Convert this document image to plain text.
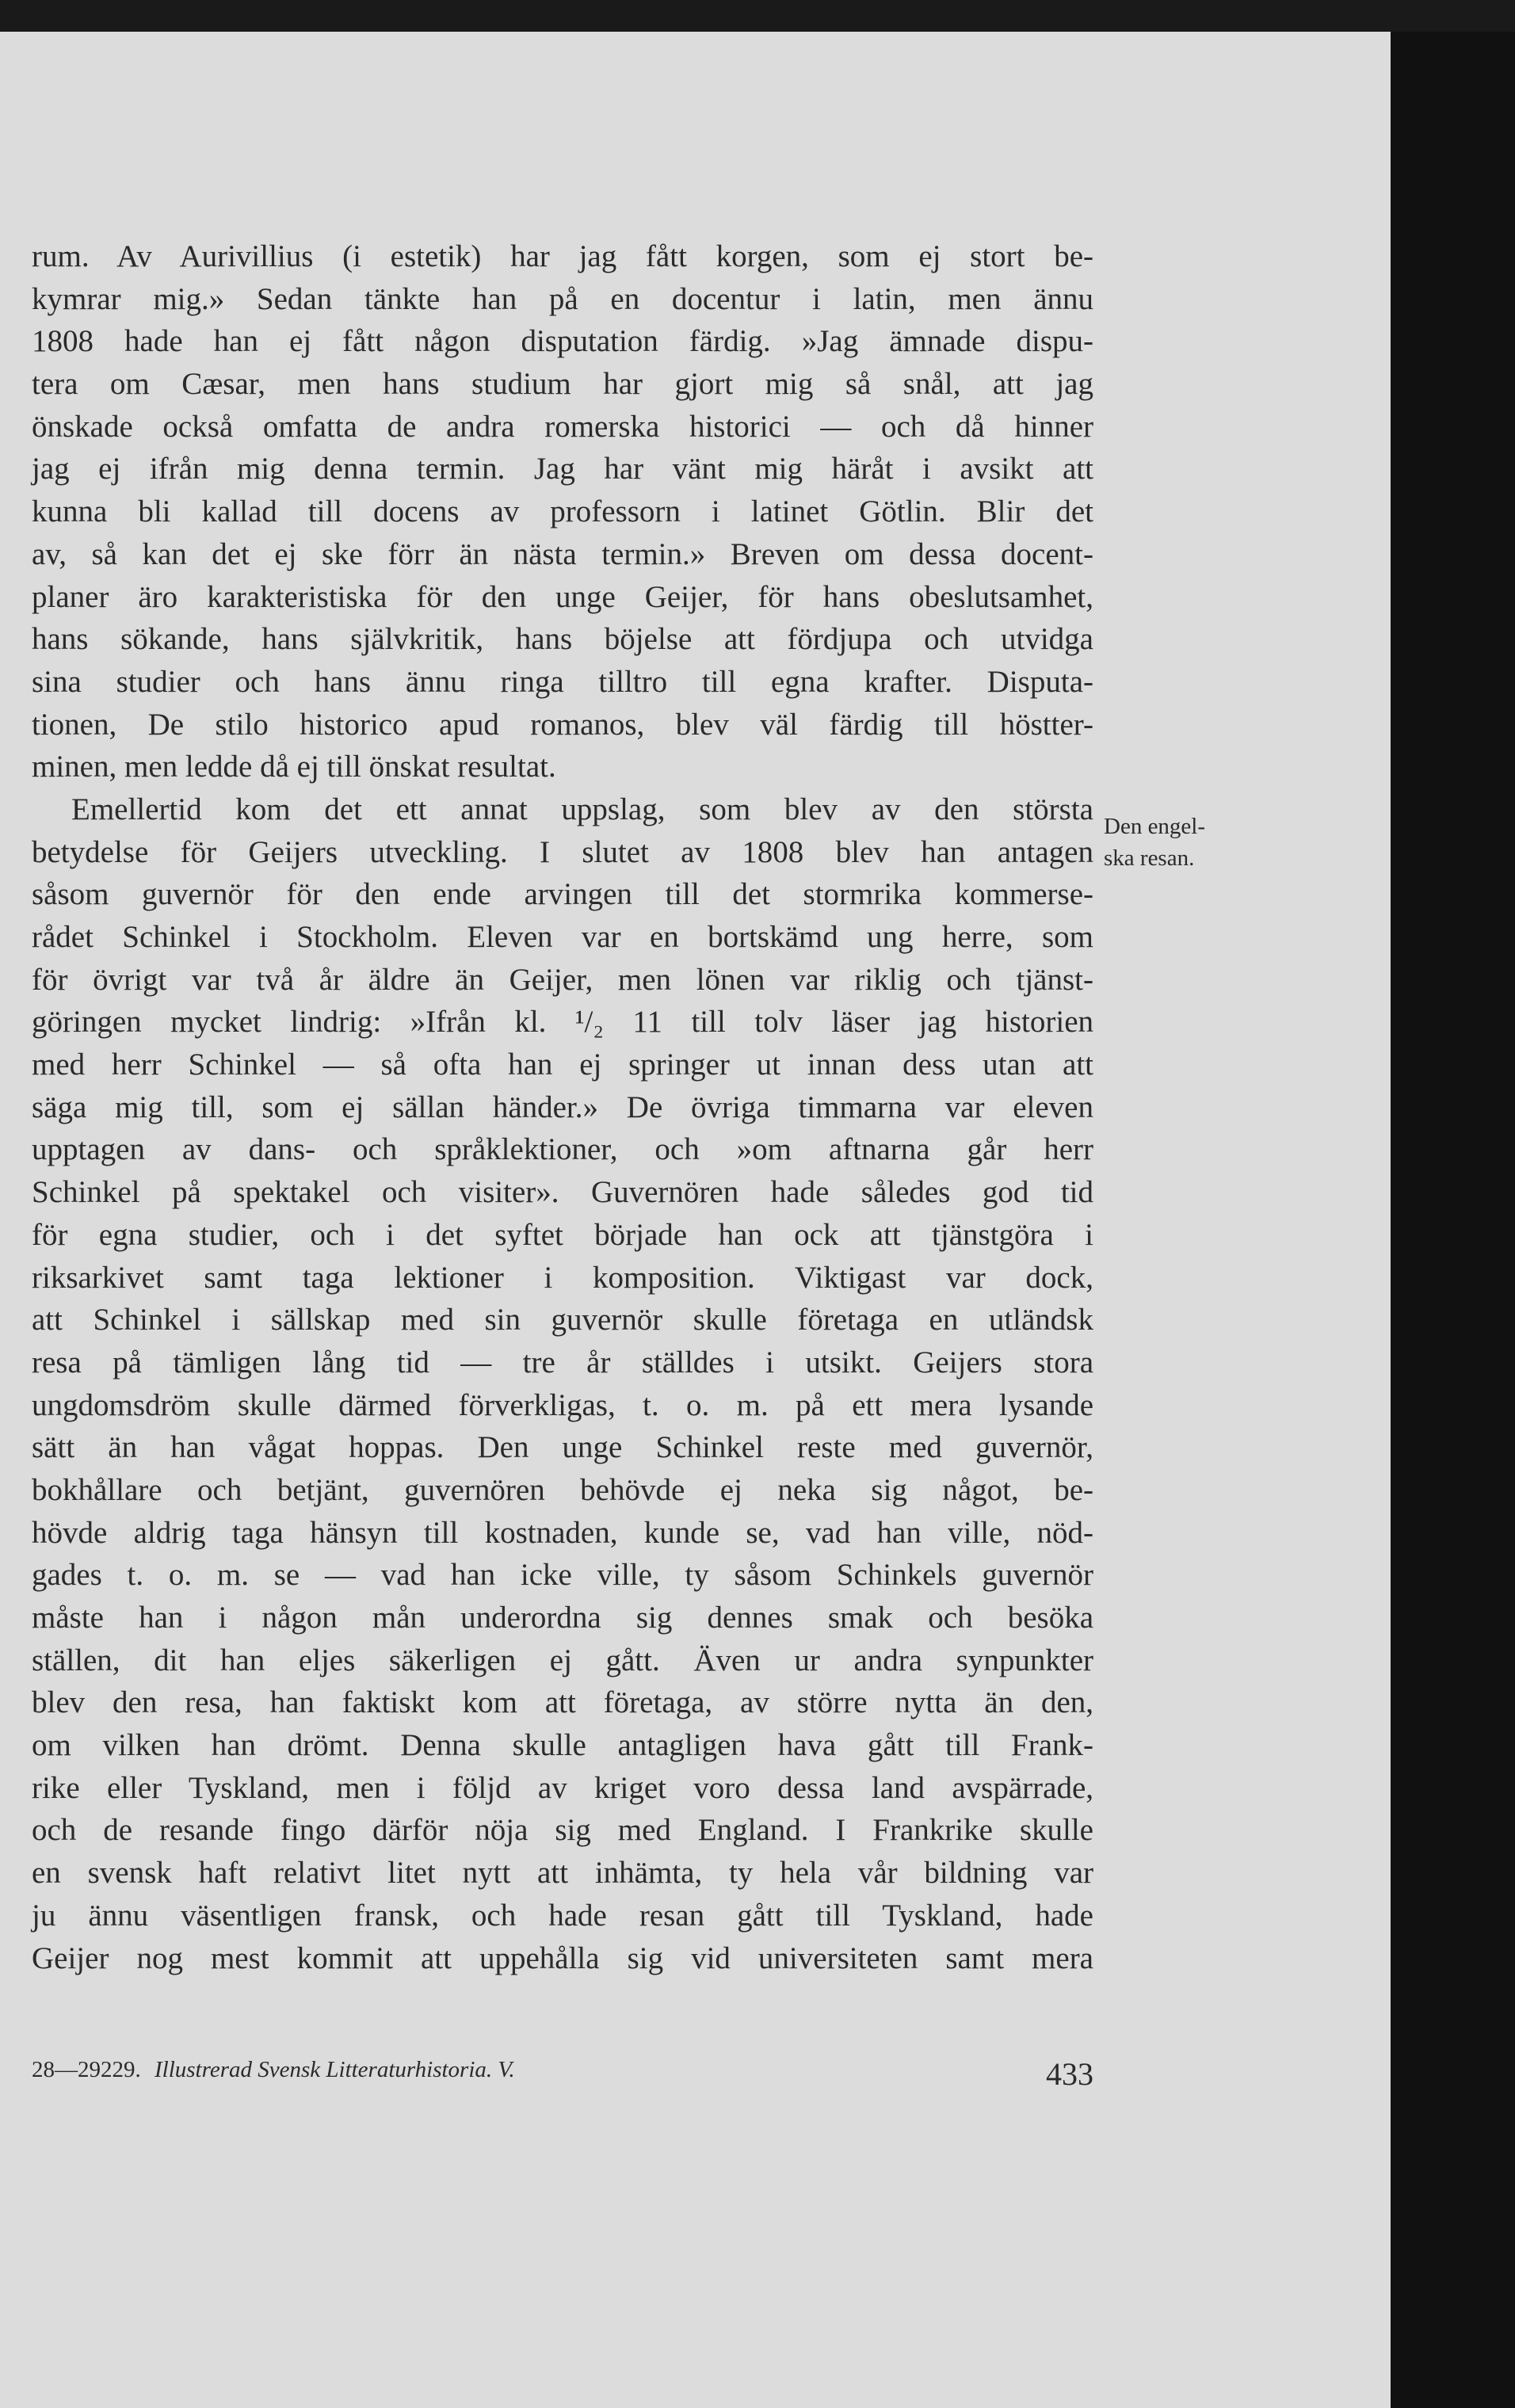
rum. Av Aurivillius (i estetik) har jag fått korgen, som ej stort be-
kymrar mig.» Sedan tänkte han på en docentur i latin, men ännu
1808 hade han ej fått någon disputation färdig. »Jag ämnade dispu-
tera om Cæsar, men hans studium har gjort mig så snål, att jag
önskade också omfatta de andra romerska historici — och då hinner
jag ej ifrån mig denna termin. Jag har vänt mig häråt i avsikt att
kunna bli kallad till docens av professorn i latinet Götlin. Blir det
av, så kan det ej ske förr än nästa termin.» Breven om dessa docent-
planer äro karakteristiska för den unge Geijer, för hans obeslutsamhet,
hans sökande, hans självkritik, hans böjelse att fördjupa och utvidga
sina studier och hans ännu ringa tilltro till egna krafter. Disputa-
tionen, De stilo historico apud romanos, blev väl färdig till höstter-
minen, men ledde då ej till önskat resultat.
Emellertid kom det ett annat uppslag, som blev av den största
betydelse för Geijers utveckling. I slutet av 1808 blev han antagen
såsom guvernör för den ende arvingen till det stormrika kommerse-
rådet Schinkel i Stockholm. Eleven var en bortskämd ung herre, som
för övrigt var två år äldre än Geijer, men lönen var riklig och tjänst-
göringen mycket lindrig: »Ifrån kl. ¹/₂ 11 till tolv läser jag historien
med herr Schinkel — så ofta han ej springer ut innan dess utan att
säga mig till, som ej sällan händer.» De övriga timmarna var eleven
upptagen av dans- och språklektioner, och »om aftnarna går herr
Schinkel på spektakel och visiter». Guvernören hade således god tid
för egna studier, och i det syftet började han ock att tjänstgöra i
riksarkivet samt taga lektioner i komposition. Viktigast var dock,
att Schinkel i sällskap med sin guvernör skulle företaga en utländsk
resa på tämligen lång tid — tre år ställdes i utsikt. Geijers stora
ungdomsdröm skulle därmed förverkligas, t. o. m. på ett mera lysande
sätt än han vågat hoppas. Den unge Schinkel reste med guvernör,
bokhållare och betjänt, guvernören behövde ej neka sig något, be-
hövde aldrig taga hänsyn till kostnaden, kunde se, vad han ville, nöd-
gades t. o. m. se — vad han icke ville, ty såsom Schinkels guvernör
måste han i någon mån underordna sig dennes smak och besöka
ställen, dit han eljes säkerligen ej gått. Även ur andra synpunkter
blev den resa, han faktiskt kom att företaga, av större nytta än den,
om vilken han drömt. Denna skulle antagligen hava gått till Frank-
rike eller Tyskland, men i följd av kriget voro dessa land avspärrade,
och de resande fingo därför nöja sig med England. I Frankrike skulle
en svensk haft relativt litet nytt att inhämta, ty hela vår bildning var
ju ännu väsentligen fransk, och hade resan gått till Tyskland, hade
Geijer nog mest kommit att uppehålla sig vid universiteten samt mera
Den engel-
ska resan.
28—29229. Illustrerad Svensk Litteraturhistoria. V.	433
